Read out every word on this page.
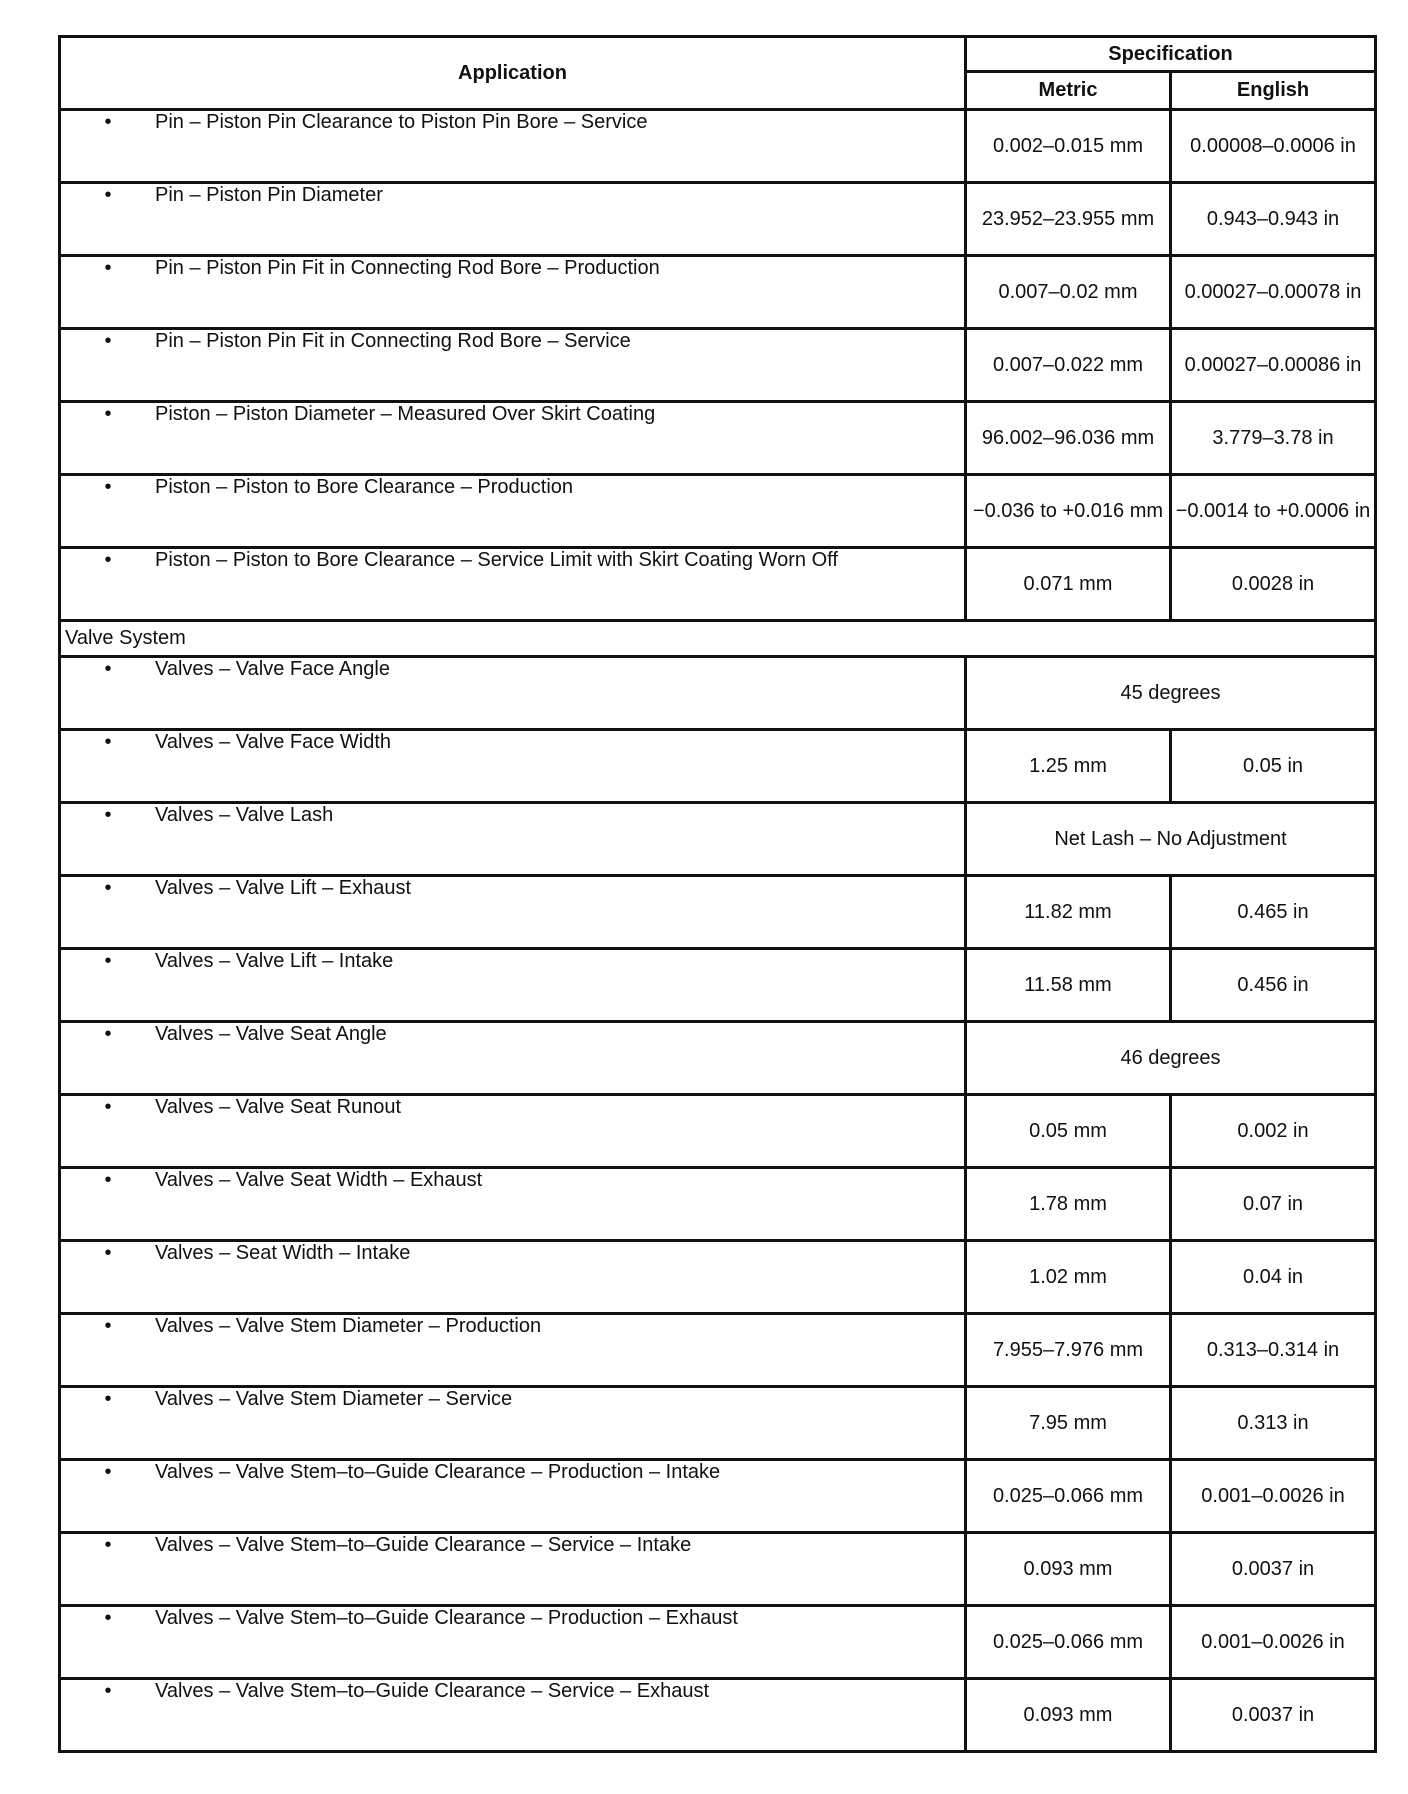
Application	Specification	
	Metric	English
• Pin – Piston Pin Clearance to Piston Pin Bore – Service	0.002–0.015 mm	0.00008–0.0006 in
• Pin – Piston Pin Diameter	23.952–23.955 mm	0.943–0.943 in
• Pin – Piston Pin Fit in Connecting Rod Bore – Production	0.007–0.02 mm	0.00027–0.00078 in
• Pin – Piston Pin Fit in Connecting Rod Bore – Service	0.007–0.022 mm	0.00027–0.00086 in
• Piston – Piston Diameter – Measured Over Skirt Coating	96.002–96.036 mm	3.779–3.78 in
• Piston – Piston to Bore Clearance – Production	−0.036 to +0.016 mm	−0.0014 to +0.0006 in
• Piston – Piston to Bore Clearance – Service Limit with Skirt Coating Worn Off	0.071 mm	0.0028 in
Valve System		
• Valves – Valve Face Angle	45 degrees	
• Valves – Valve Face Width	1.25 mm	0.05 in
• Valves – Valve Lash	Net Lash – No Adjustment	
• Valves – Valve Lift – Exhaust	11.82 mm	0.465 in
• Valves – Valve Lift – Intake	11.58 mm	0.456 in
• Valves – Valve Seat Angle	46 degrees	
• Valves – Valve Seat Runout	0.05 mm	0.002 in
• Valves – Valve Seat Width – Exhaust	1.78 mm	0.07 in
• Valves – Seat Width – Intake	1.02 mm	0.04 in
• Valves – Valve Stem Diameter – Production	7.955–7.976 mm	0.313–0.314 in
• Valves – Valve Stem Diameter – Service	7.95 mm	0.313 in
• Valves – Valve Stem–to–Guide Clearance – Production – Intake	0.025–0.066 mm	0.001–0.0026 in
• Valves – Valve Stem–to–Guide Clearance – Service – Intake	0.093 mm	0.0037 in
• Valves – Valve Stem–to–Guide Clearance – Production – Exhaust	0.025–0.066 mm	0.001–0.0026 in
• Valves – Valve Stem–to–Guide Clearance – Service – Exhaust	0.093 mm	0.0037 in
